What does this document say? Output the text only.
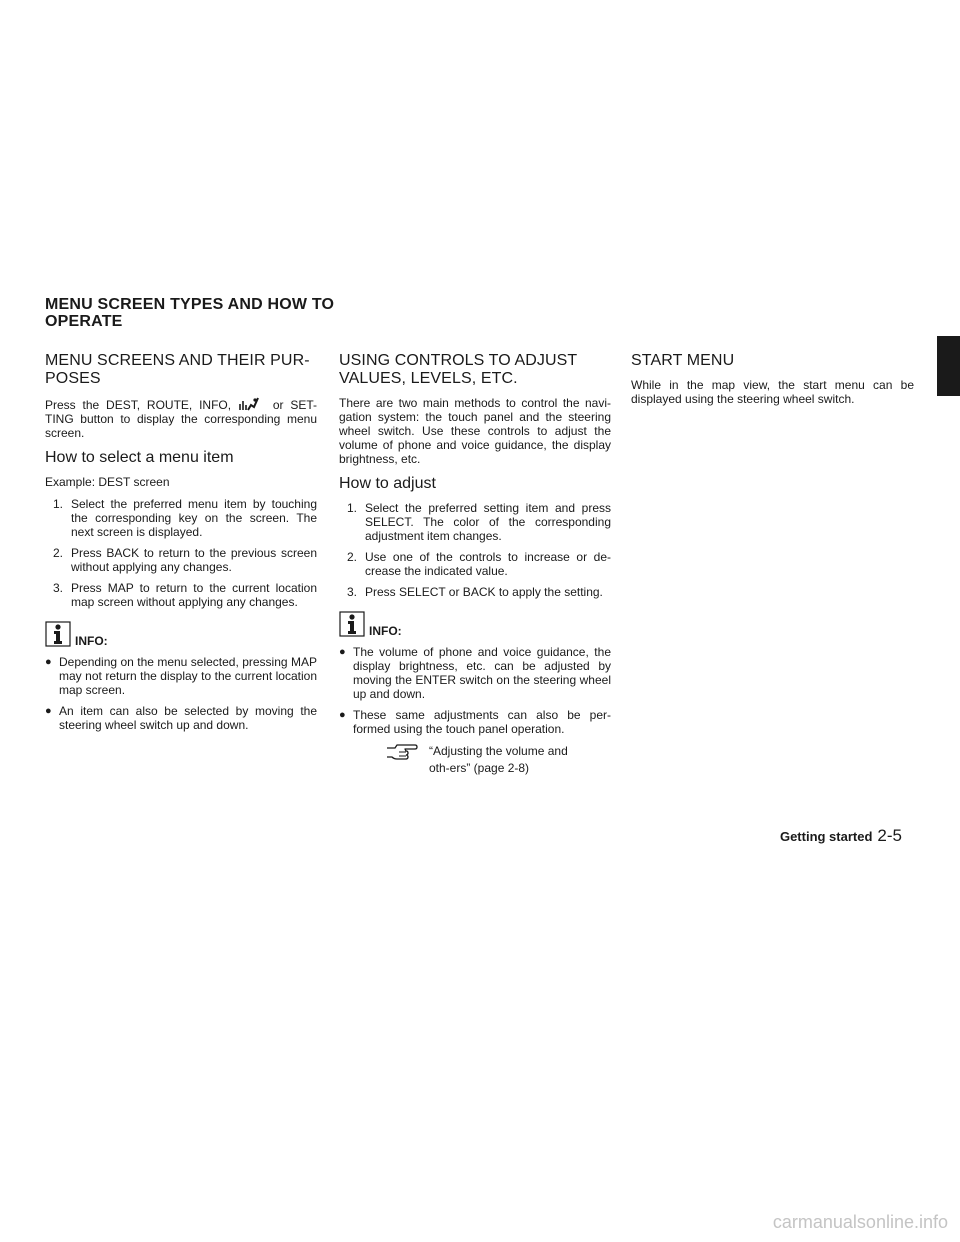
MENU SCREEN TYPES AND HOW TO OPERATE
MENU SCREENS AND THEIR PUR-POSES

Press the DEST, ROUTE, INFO,	or SET-TING button to display the corresponding menu screen.

How to select a menu item

Example: DEST screen

1. Select the preferred menu item by touching the corresponding key on the screen. The next screen is displayed.
2. Press BACK to return to the previous screen without applying any changes.
3. Press MAP to return to the current location map screen without applying any changes.
INFO:
● Depending on the menu selected, pressing MAP may not return the display to the current location map screen.
● An item can also be selected by moving the steering wheel switch up and down.
USING CONTROLS TO ADJUST VALUES, LEVELS, ETC.

There are two main methods to control the navi-gation system: the touch panel and the steering wheel switch. Use these controls to adjust the volume of phone and voice guidance, the display brightness, etc.

How to adjust
1. Select the preferred setting item and press SELECT. The color of the corresponding adjustment item changes.
2. Use one of the controls to increase or de-crease the indicated value.
3. Press SELECT or BACK to apply the setting.
INFO:
● The volume of phone and voice guidance, the display brightness, etc. can be adjusted by moving the ENTER switch on the steering wheel up and down.
● These same adjustments can also be per-formed using the touch panel operation.
“Adjusting the volume and oth-ers” (page 2-8)
START MENU

While in the map view, the start menu can be displayed using the steering wheel switch.

Getting started 2-5
carmanualsonline.info
